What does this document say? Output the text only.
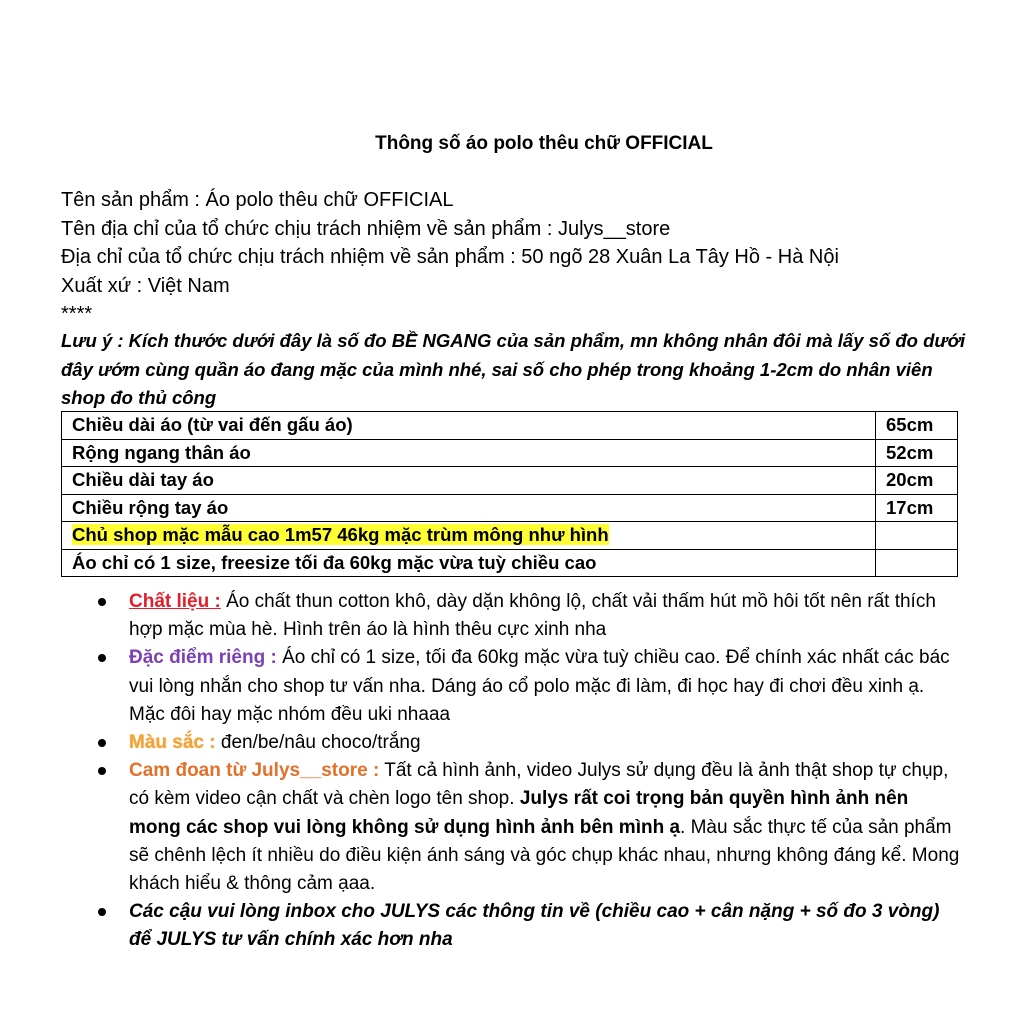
Thông số áo polo thêu chữ OFFICIAL
Tên sản phẩm : Áo polo thêu chữ OFFICIAL
Tên địa chỉ của tổ chức chịu trách nhiệm về sản phẩm : Julys__store
Địa chỉ của tổ chức chịu trách nhiệm về sản phẩm : 50 ngõ 28 Xuân La Tây Hồ - Hà Nội
Xuất xứ : Việt Nam
****
Lưu ý : Kích thước dưới đây là số đo BỀ NGANG của sản phẩm, mn không nhân đôi mà lấy số đo dưới đây ướm cùng quần áo đang mặc của mình nhé, sai số cho phép trong khoảng 1-2cm do nhân viên shop đo thủ công
Chiều dài áo (từ vai đến gấu áo)	65cm
Rộng ngang thân áo	52cm
Chiều dài tay áo	20cm
Chiều rộng tay áo	17cm
Chủ shop mặc mẫu cao 1m57 46kg mặc trùm mông như hình	
Áo chỉ có 1 size, freesize tối đa 60kg mặc vừa tuỳ chiều cao	
Chất liệu : Áo chất thun cotton khô, dày dặn không lộ, chất vải thấm hút mồ hôi tốt nên rất thích hợp mặc mùa hè. Hình trên áo là hình thêu cực xinh nha
Đặc điểm riêng : Áo chỉ có 1 size, tối đa 60kg mặc vừa tuỳ chiều cao. Để chính xác nhất các bác vui lòng nhắn cho shop tư vấn nha. Dáng áo cổ polo mặc đi làm, đi học hay đi chơi đều xinh ạ. Mặc đôi hay mặc nhóm đều uki nhaaa
Màu sắc : đen/be/nâu choco/trắng
Cam đoan từ Julys__store : Tất cả hình ảnh, video Julys sử dụng đều là ảnh thật shop tự chụp, có kèm video cận chất và chèn logo tên shop. Julys rất coi trọng bản quyền hình ảnh nên mong các shop vui lòng không sử dụng hình ảnh bên mình ạ. Màu sắc thực tế của sản phẩm sẽ chênh lệch ít nhiều do điều kiện ánh sáng và góc chụp khác nhau, nhưng không đáng kể. Mong khách hiểu & thông cảm ạaa.
Các cậu vui lòng inbox cho JULYS các thông tin về (chiều cao + cân nặng + số đo 3 vòng) để JULYS tư vấn chính xác hơn nha
